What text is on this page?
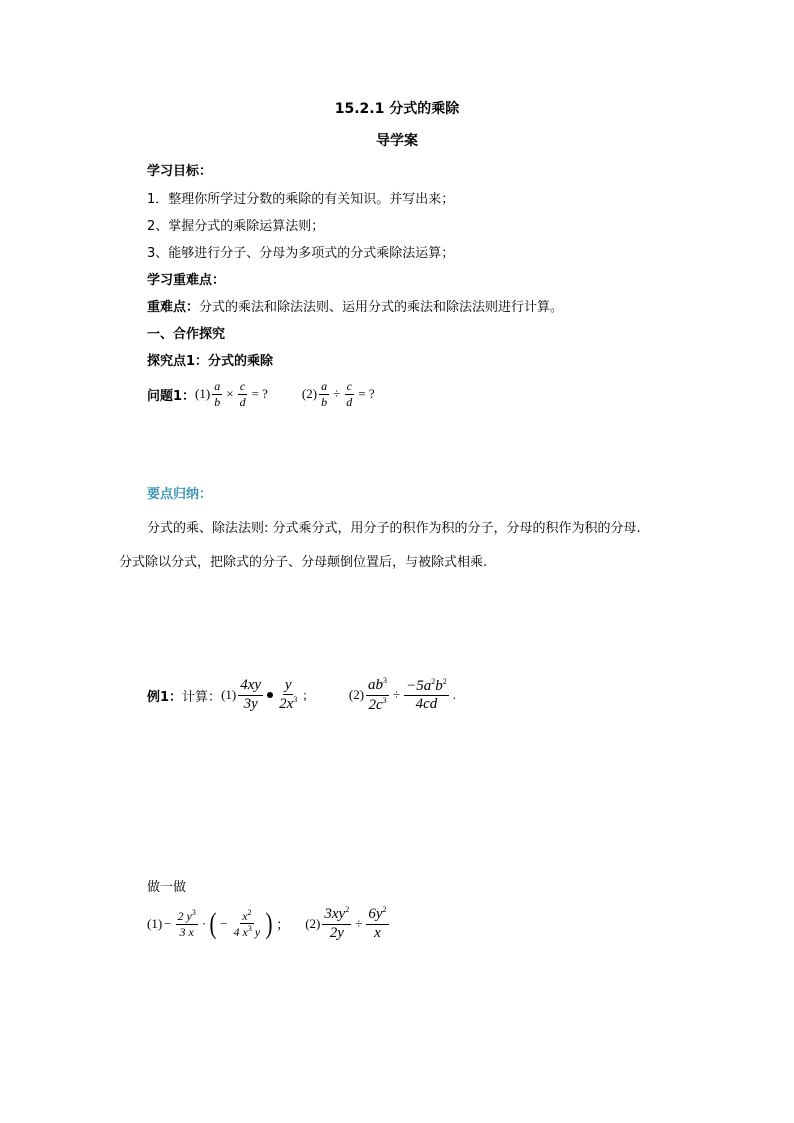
15.2.1 分式的乘除
导学案
学习目标：
1．整理你所学过分数的乘除的有关知识。并写出来；
2、掌握分式的乘除运算法则；
3、能够进行分子、分母为多项式的分式乘除法运算；
学习重难点：
重难点：分式的乘法和除法法则、运用分式的乘法和除法法则进行计算。
一、合作探究
探究点1：分式的乘除
问题1： $(1) \frac{a}{b} \times \frac{c}{d}$ = ?	$(2) \frac{a}{b} \div \frac{c}{d}$ = ?
要点归纳：
分式的乘、除法法则: 分式乘分式，用分子的积作为积的分子，分母的积作为积的分母.
分式除以分式，把除式的分子、分母颠倒位置后，与被除式相乘.
例1： 计算： $(1) \frac{4xy}{3y} \frac{y}{2x^3}$ ;	$(2) \frac{ab^3}{2c^3} \div \frac{-5a^2b^2}{4cd}$ .
做一做
$(1) - \frac{2 y^3}{3 x}$ · ( − $\frac{x^2}{4 x^3 y}$ ) ； $(2) \frac{3xy^2}{2y} \div \frac{6y^2}{x}$
